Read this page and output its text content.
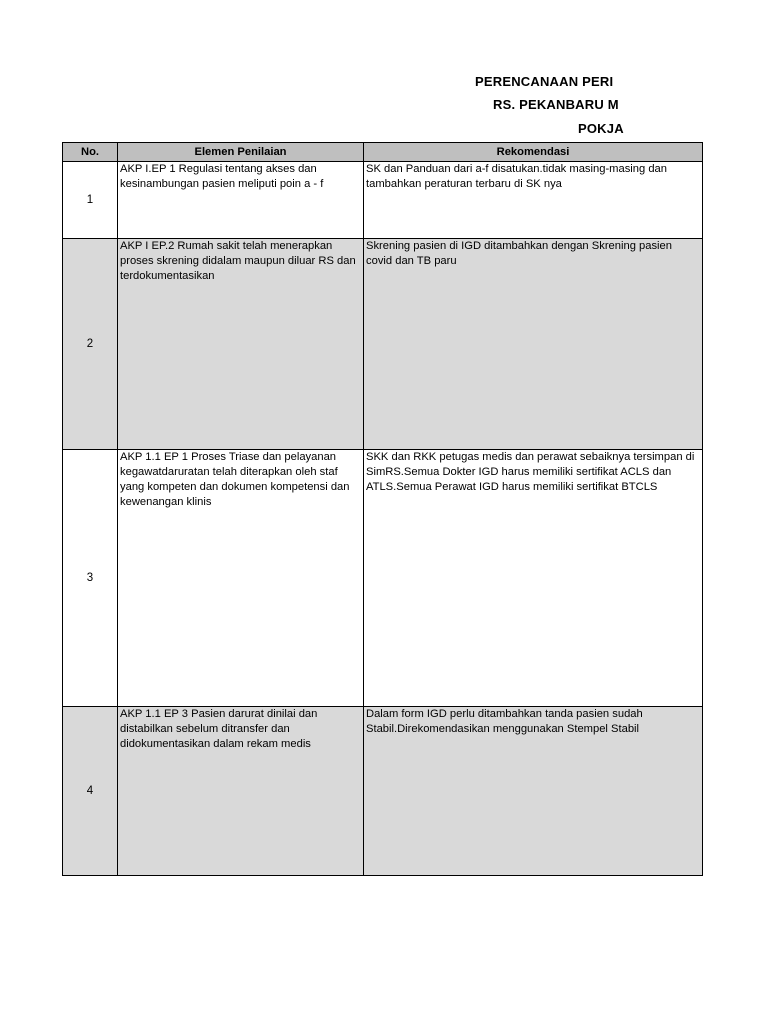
PERENCANAAN PERI
RS. PEKANBARU M
POKJA
No.	Elemen Penilaian	Rekomendasi
1	AKP I.EP 1 Regulasi tentang akses dan kesinambungan pasien meliputi poin a - f	SK dan Panduan dari a-f disatukan.tidak masing-masing dan tambahkan peraturan terbaru di SK nya
2	AKP I EP.2 Rumah sakit telah menerapkan proses skrening didalam maupun diluar RS dan terdokumentasikan	Skrening pasien di IGD ditambahkan dengan Skrening pasien covid dan TB paru
3	AKP 1.1 EP 1 Proses Triase dan pelayanan kegawatdaruratan telah diterapkan oleh staf yang kompeten dan dokumen kompetensi dan kewenangan klinis	SKK dan RKK petugas medis dan perawat sebaiknya tersimpan di SimRS.Semua Dokter IGD harus memiliki sertifikat ACLS dan ATLS.Semua Perawat IGD harus memiliki sertifikat BTCLS
4	AKP 1.1 EP 3 Pasien darurat dinilai dan distabilkan sebelum ditransfer dan didokumentasikan dalam rekam medis	Dalam form IGD perlu ditambahkan tanda pasien sudah Stabil.Direkomendasikan menggunakan Stempel Stabil
